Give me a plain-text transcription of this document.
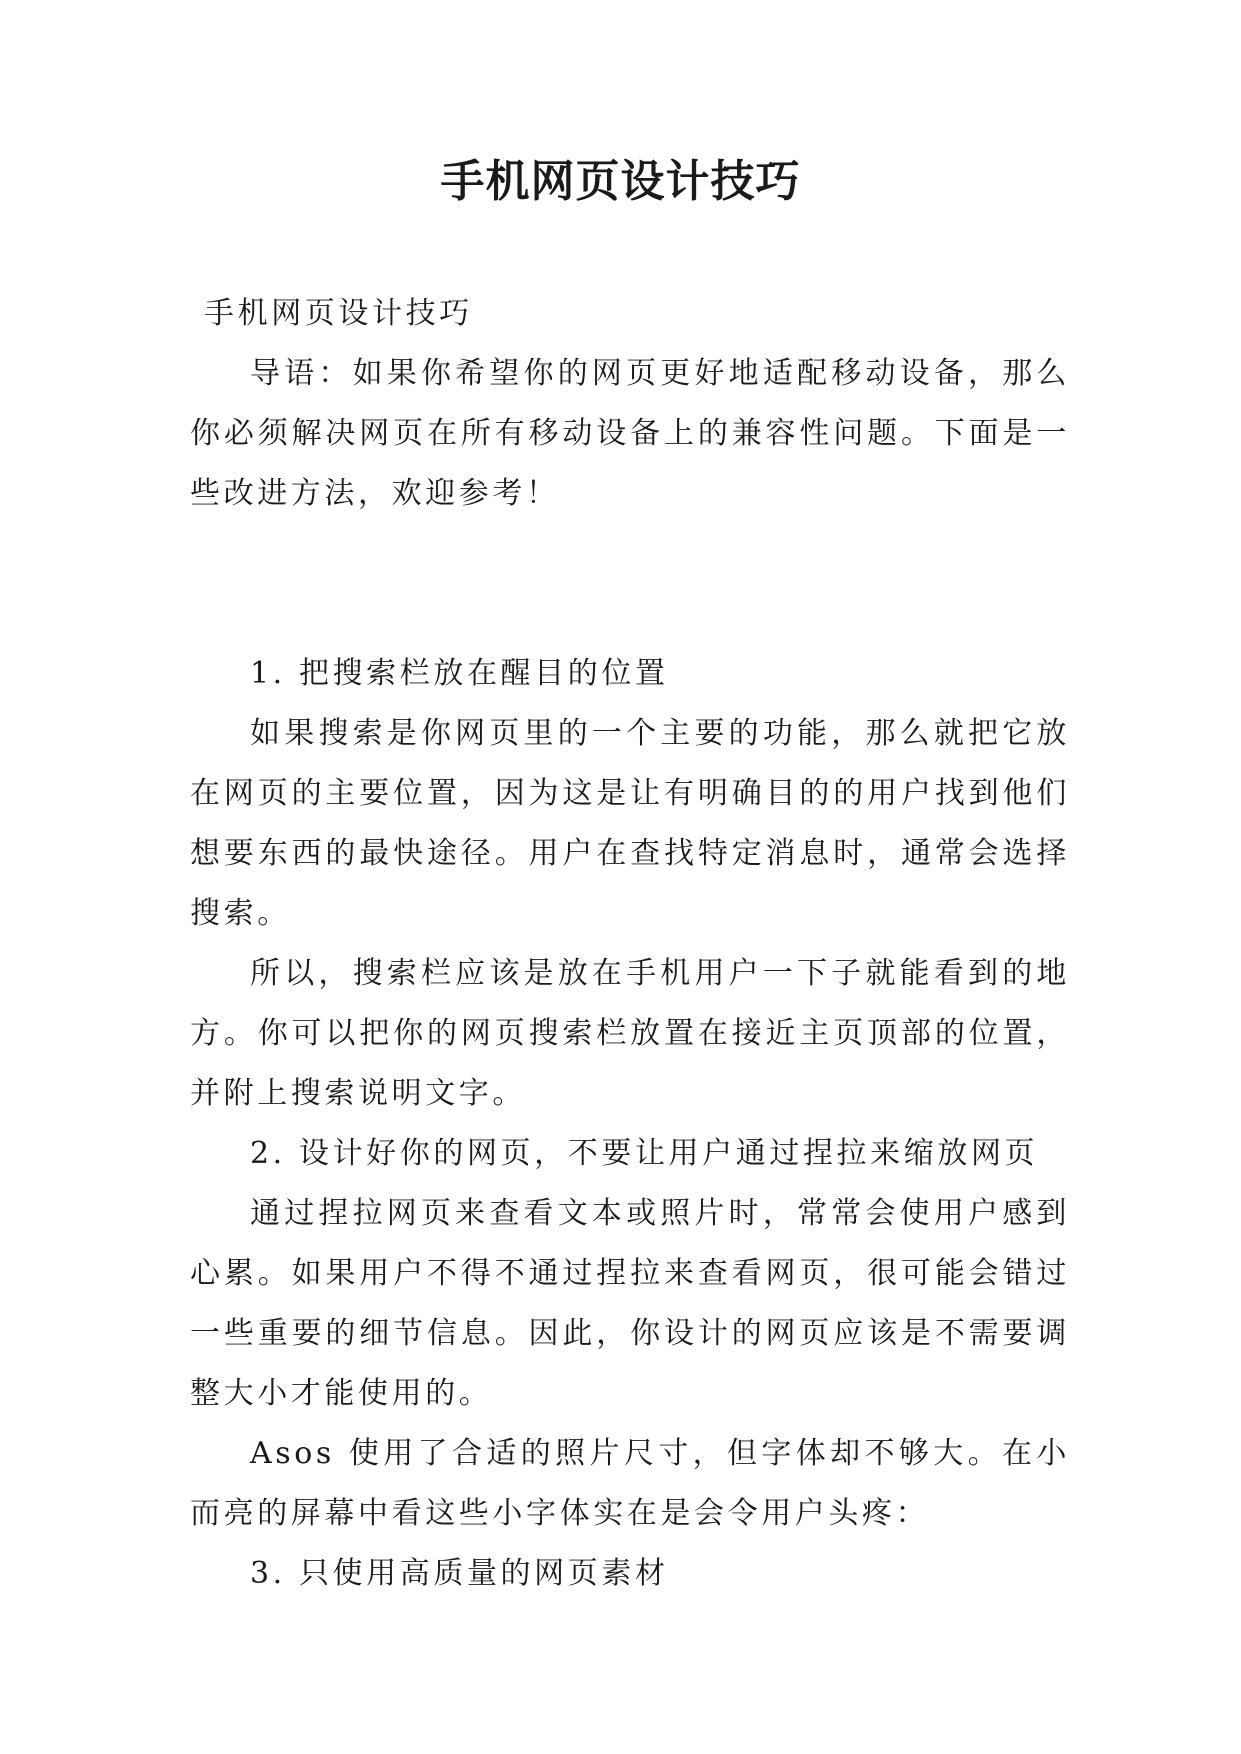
手机网页设计技巧

手机网页设计技巧

导语：如果你希望你的网页更好地适配移动设备，那么你必须解决网页在所有移动设备上的兼容性问题。下面是一些改进方法，欢迎参考！

1. 把搜索栏放在醒目的位置

如果搜索是你网页里的一个主要的功能，那么就把它放在网页的主要位置，因为这是让有明确目的的用户找到他们想要东西的最快途径。用户在查找特定消息时，通常会选择搜索。

所以，搜索栏应该是放在手机用户一下子就能看到的地方。你可以把你的网页搜索栏放置在接近主页顶部的位置，并附上搜索说明文字。

2. 设计好你的网页，不要让用户通过捏拉来缩放网页

通过捏拉网页来查看文本或照片时，常常会使用户感到心累。如果用户不得不通过捏拉来查看网页，很可能会错过一些重要的细节信息。因此，你设计的网页应该是不需要调整大小才能使用的。

Asos 使用了合适的照片尺寸，但字体却不够大。在小而亮的屏幕中看这些小字体实在是会令用户头疼：

3. 只使用高质量的网页素材
